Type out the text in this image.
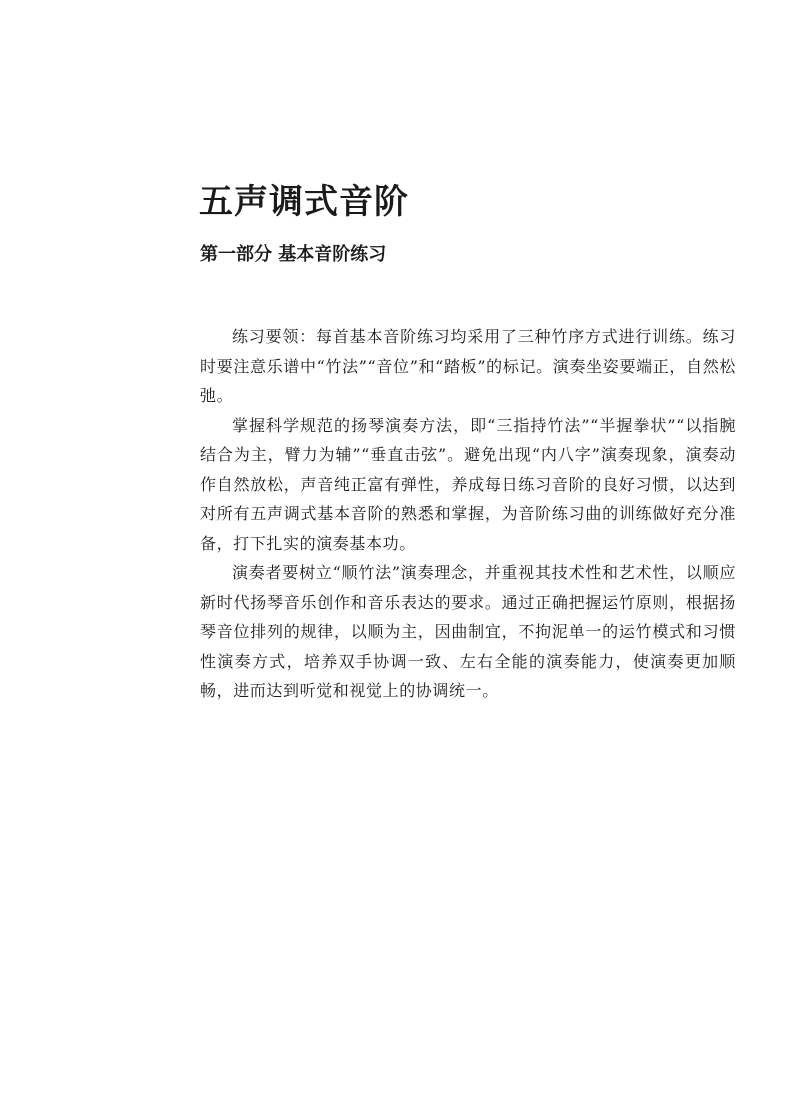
五声调式音阶
第一部分 基本音阶练习

练习要领：每首基本音阶练习均采用了三种竹序方式进行训练。练习时要注意乐谱中“竹法”“音位”和“踏板”的标记。演奏坐姿要端正，自然松弛。

掌握科学规范的扬琴演奏方法，即“三指持竹法”“半握拳状”“以指腕结合为主，臂力为辅”“垂直击弦”。避免出现“内八字”演奏现象，演奏动作自然放松，声音纯正富有弹性，养成每日练习音阶的良好习惯，以达到对所有五声调式基本音阶的熟悉和掌握，为音阶练习曲的训练做好充分准备，打下扎实的演奏基本功。

演奏者要树立“顺竹法”演奏理念，并重视其技术性和艺术性，以顺应新时代扬琴音乐创作和音乐表达的要求。通过正确把握运竹原则，根据扬琴音位排列的规律，以顺为主，因曲制宜，不拘泥单一的运竹模式和习惯性演奏方式，培养双手协调一致、左右全能的演奏能力，使演奏更加顺畅，进而达到听觉和视觉上的协调统一。
